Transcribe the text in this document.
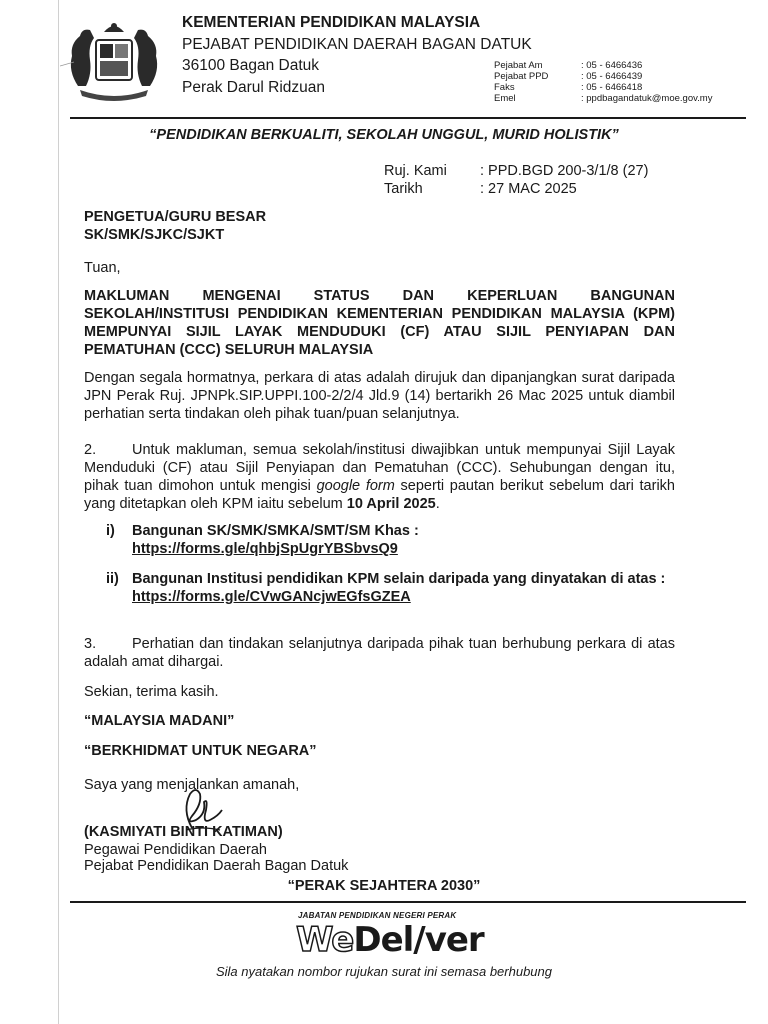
KEMENTERIAN PENDIDIKAN MALAYSIA
PEJABAT PENDIDIKAN DAERAH BAGAN DATUK
36100 Bagan Datuk
Perak Darul Ridzuan
Pejabat Am	: 05 - 6466436
Pejabat PPD	: 05 - 6466439
Faks	: 05 - 6466418
Emel	: ppdbagandatuk@moe.gov.my
“PENDIDIKAN BERKUALITI, SEKOLAH UNGGUL, MURID HOLISTIK”
Ruj. Kami	: PPD.BGD 200-3/1/8 (27)
Tarikh	: 27 MAC 2025
PENGETUA/GURU BESAR
SK/SMK/SJKC/SJKT
Tuan,
MAKLUMAN MENGENAI STATUS DAN KEPERLUAN BANGUNAN SEKOLAH/INSTITUSI PENDIDIKAN KEMENTERIAN PENDIDIKAN MALAYSIA (KPM) MEMPUNYAI SIJIL LAYAK MENDUDUKI (CF) ATAU SIJIL PENYIAPAN DAN PEMATUHAN (CCC) SELURUH MALAYSIA
Dengan segala hormatnya, perkara di atas adalah dirujuk dan dipanjangkan surat daripada JPN Perak Ruj. JPNPk.SIP.UPPI.100-2/2/4 Jld.9 (14) bertarikh 26 Mac 2025 untuk diambil perhatian serta tindakan oleh pihak tuan/puan selanjutnya.
2. Untuk makluman, semua sekolah/institusi diwajibkan untuk mempunyai Sijil Layak Menduduki (CF) atau Sijil Penyiapan dan Pematuhan (CCC). Sehubungan dengan itu, pihak tuan dimohon untuk mengisi google form seperti pautan berikut sebelum dari tarikh yang ditetapkan oleh KPM iaitu sebelum 10 April 2025.
i)	Bangunan SK/SMK/SMKA/SMT/SM Khas :
https://forms.gle/qhbjSpUgrYBSbvsQ9
ii) Bangunan Institusi pendidikan KPM selain daripada yang dinyatakan di atas :
https://forms.gle/CVwGANcjwEGfsGZEA
3. Perhatian dan tindakan selanjutnya daripada pihak tuan berhubung perkara di atas adalah amat dihargai.
Sekian, terima kasih.
“MALAYSIA MADANI”
“BERKHIDMAT UNTUK NEGARA”
Saya yang menjalankan amanah,
(KASMIYATI BINTI KATIMAN)
Pegawai Pendidikan Daerah
Pejabat Pendidikan Daerah Bagan Datuk
“PERAK SEJAHTERA 2030”
JABATAN PENDIDIKAN NEGERI PERAK
WeDel/ver
Sila nyatakan nombor rujukan surat ini semasa berhubung
